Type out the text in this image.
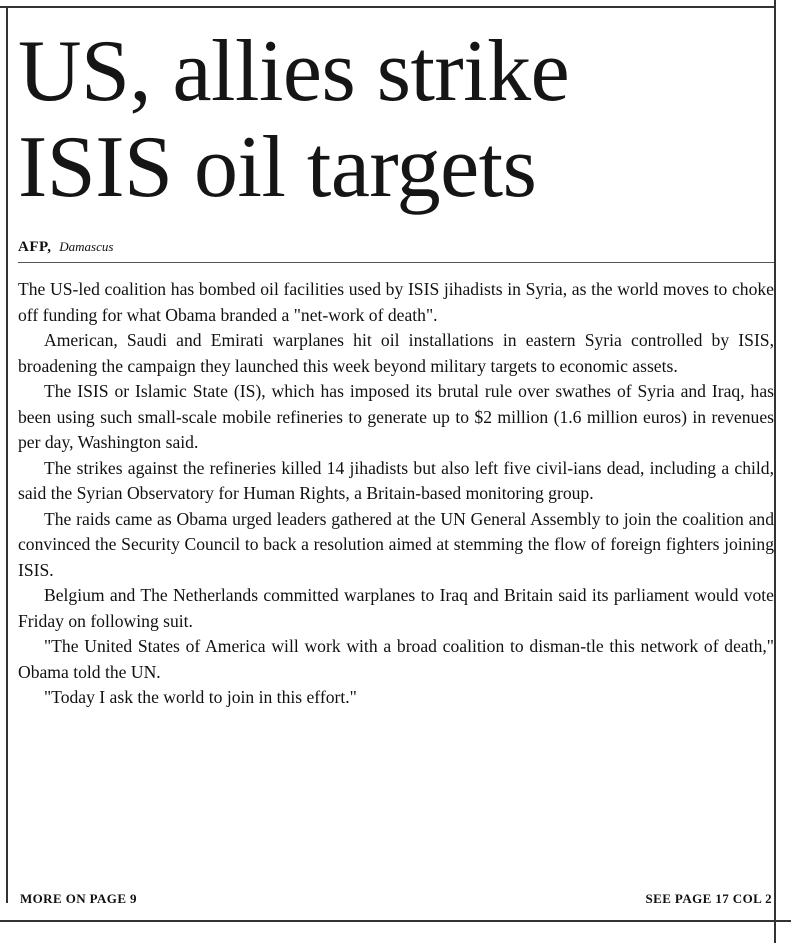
US, allies strike
ISIS oil targets
AFP, Damascus

The US-led coalition has bombed oil facilities used by ISIS jihadists in Syria, as the world moves to choke off funding for what Obama branded a "net-work of death".

American, Saudi and Emirati warplanes hit oil installations in eastern Syria controlled by ISIS, broadening the campaign they launched this week beyond military targets to economic assets.

The ISIS or Islamic State (IS), which has imposed its brutal rule over swathes of Syria and Iraq, has been using such small-scale mobile refineries to generate up to $2 million (1.6 million euros) in revenues per day, Washington said.

The strikes against the refineries killed 14 jihadists but also left five civil-ians dead, including a child, said the Syrian Observatory for Human Rights, a Britain-based monitoring group.

The raids came as Obama urged leaders gathered at the UN General Assembly to join the coalition and convinced the Security Council to back a resolution aimed at stemming the flow of foreign fighters joining ISIS.

Belgium and The Netherlands committed warplanes to Iraq and Britain said its parliament would vote Friday on following suit.

"The United States of America will work with a broad coalition to disman-tle this network of death," Obama told the UN.

"Today I ask the world to join in this effort."

MORE ON PAGE 9	SEE PAGE 17 COL 2
